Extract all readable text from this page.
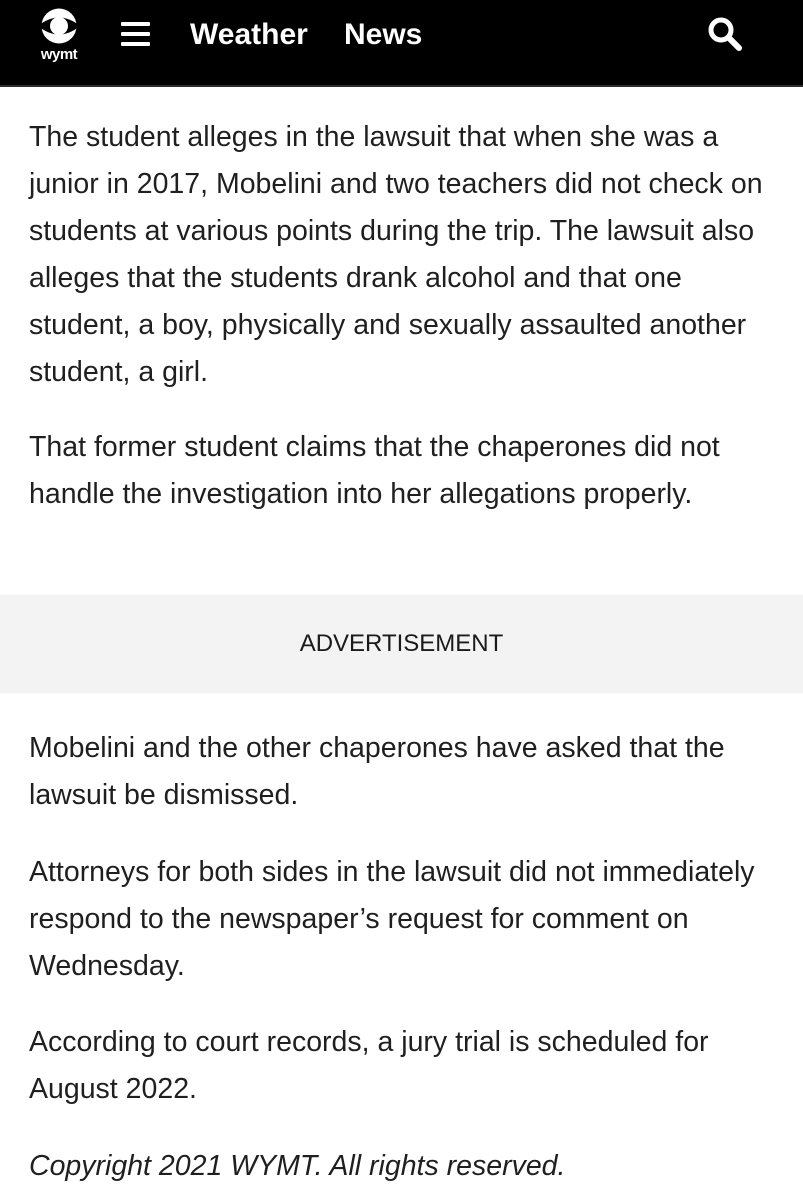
wymt
Weather News

The student alleges in the lawsuit that when she was a junior in 2017, Mobelini and two teachers did not check on students at various points during the trip. The lawsuit also alleges that the students drank alcohol and that one student, a boy, physically and sexually assaulted another student, a girl.

That former student claims that the chaperones did not handle the investigation into her allegations properly.

ADVERTISEMENT

Mobelini and the other chaperones have asked that the lawsuit be dismissed.

Attorneys for both sides in the lawsuit did not immediately respond to the newspaper’s request for comment on Wednesday.

According to court records, a jury trial is scheduled for August 2022.

Copyright 2021 WYMT. All rights reserved.
